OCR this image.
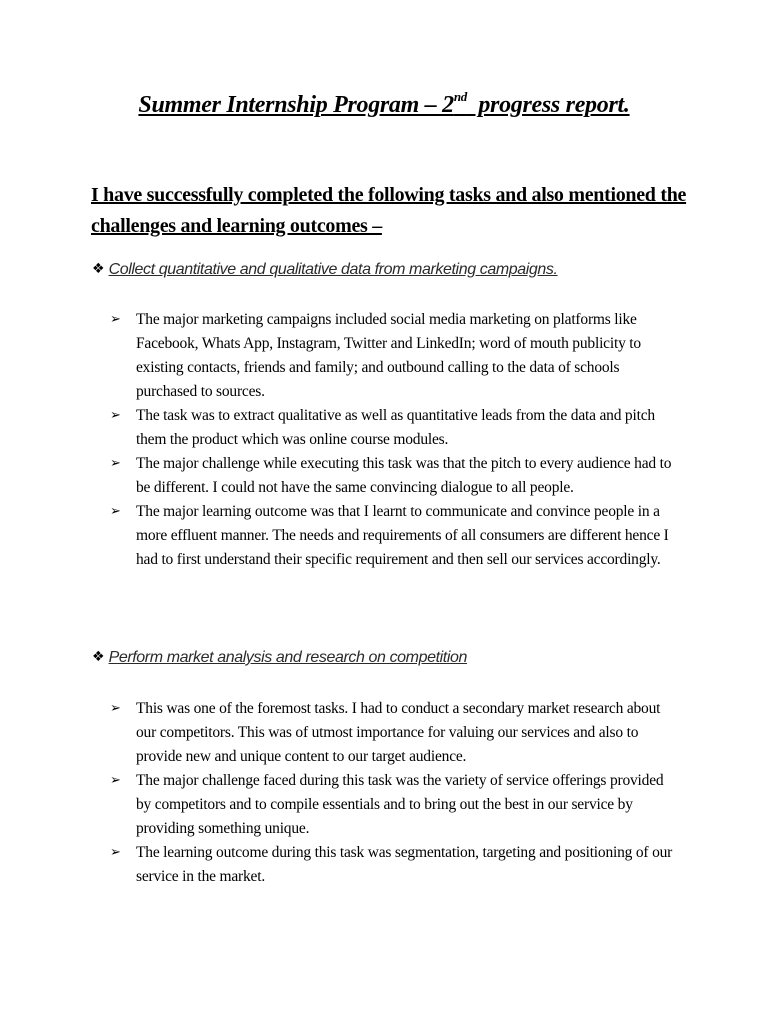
Summer Internship Program – 2nd  progress report.
I have successfully completed the following tasks and also mentioned the challenges and learning outcomes –
❖ Collect quantitative and qualitative data from marketing campaigns.
➢ The major marketing campaigns included social media marketing on platforms like Facebook, Whats App, Instagram, Twitter and LinkedIn; word of mouth publicity to existing contacts, friends and family; and outbound calling to the data of schools purchased to sources.
➢ The task was to extract qualitative as well as quantitative leads from the data and pitch them the product which was online course modules.
➢ The major challenge while executing this task was that the pitch to every audience had to be different. I could not have the same convincing dialogue to all people.
➢ The major learning outcome was that I learnt to communicate and convince people in a more effluent manner. The needs and requirements of all consumers are different hence I had to first understand their specific requirement and then sell our services accordingly.
❖ Perform market analysis and research on competition
➢ This was one of the foremost tasks. I had to conduct a secondary market research about our competitors. This was of utmost importance for valuing our services and also to provide new and unique content to our target audience.
➢ The major challenge faced during this task was the variety of service offerings provided by competitors and to compile essentials and to bring out the best in our service by providing something unique.
➢ The learning outcome during this task was segmentation, targeting and positioning of our service in the market.
